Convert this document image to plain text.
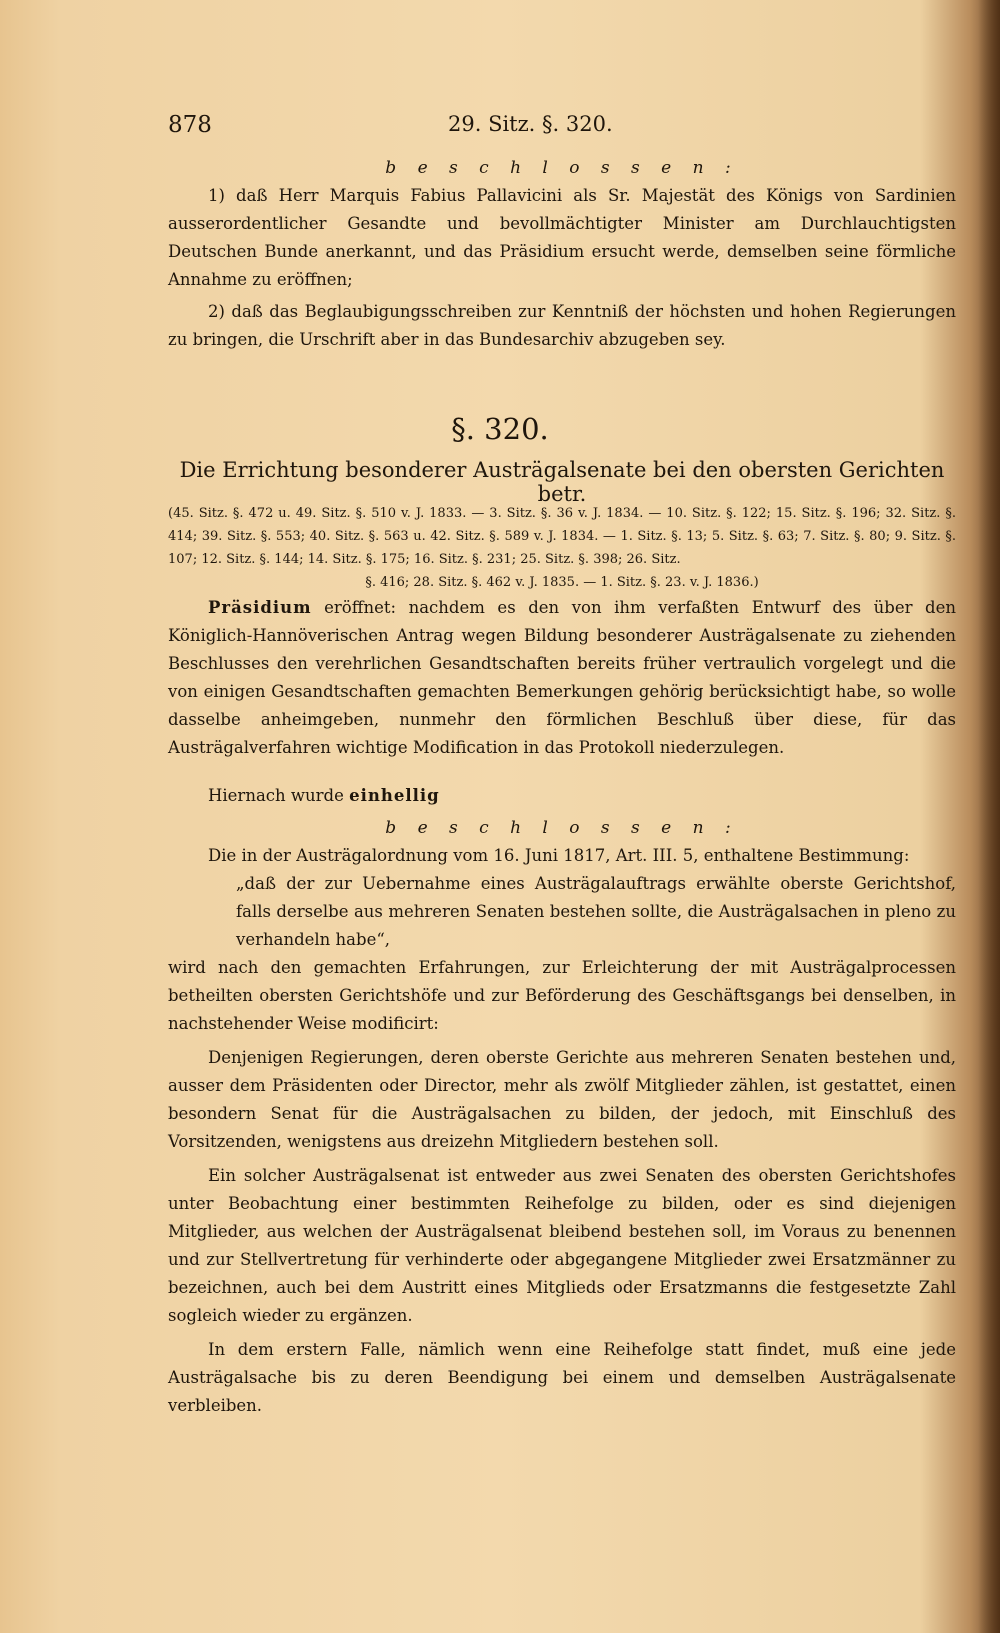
878	29. Sitz. §. 320.
b e s c h l o s s e n :

1) daß Herr Marquis Fabius Pallavicini als Sr. Majestät des Königs von Sardinien ausserordentlicher Gesandte und bevollmächtigter Minister am Durchlauchtigsten Deutschen Bunde anerkannt, und das Präsidium ersucht werde, demselben seine förmliche Annahme zu eröffnen;

2) daß das Beglaubigungsschreiben zur Kenntniß der höchsten und hohen Regierungen zu bringen, die Urschrift aber in das Bundesarchiv abzugeben sey.

§. 320.
Die Errichtung besonderer Austrägalsenate bei den obersten Gerichten betr.
(45. Sitz. §. 472 u. 49. Sitz. §. 510 v. J. 1833. — 3. Sitz. §. 36 v. J. 1834. — 10. Sitz. §. 122; 15. Sitz. §. 196; 32. Sitz. §. 414; 39. Sitz. §. 553; 40. Sitz. §. 563 u. 42. Sitz. §. 589 v. J. 1834. — 1. Sitz. §. 13; 5. Sitz. §. 63; 7. Sitz. §. 80; 9. Sitz. §. 107; 12. Sitz. §. 144; 14. Sitz. §. 175; 16. Sitz. §. 231; 25. Sitz. §. 398; 26. Sitz.
§. 416; 28. Sitz. §. 462 v. J. 1835. — 1. Sitz. §. 23. v. J. 1836.)

Präsidium eröffnet: nachdem es den von ihm verfaßten Entwurf des über den Königlich-Hannöverischen Antrag wegen Bildung besonderer Austrägalsenate zu ziehenden Beschlusses den verehrlichen Gesandtschaften bereits früher vertraulich vorgelegt und die von einigen Gesandtschaften gemachten Bemerkungen gehörig berücksichtigt habe, so wolle dasselbe anheimgeben, nunmehr den förmlichen Beschluß über diese, für das Austrägalverfahren wichtige Modification in das Protokoll niederzulegen.

Hiernach wurde einhellig

b e s c h l o s s e n :

Die in der Austrägalordnung vom 16. Juni 1817, Art. III. 5, enthaltene Bestimmung:

„daß der zur Uebernahme eines Austrägalauftrags erwählte oberste Gerichtshof, falls derselbe aus mehreren Senaten bestehen sollte, die Austrägalsachen in pleno zu verhandeln habe“,

wird nach den gemachten Erfahrungen, zur Erleichterung der mit Austrägalprocessen betheilten obersten Gerichtshöfe und zur Beförderung des Geschäftsgangs bei denselben, in nachstehender Weise modificirt:

Denjenigen Regierungen, deren oberste Gerichte aus mehreren Senaten bestehen und, ausser dem Präsidenten oder Director, mehr als zwölf Mitglieder zählen, ist gestattet, einen besondern Senat für die Austrägalsachen zu bilden, der jedoch, mit Einschluß des Vorsitzenden, wenigstens aus dreizehn Mitgliedern bestehen soll.

Ein solcher Austrägalsenat ist entweder aus zwei Senaten des obersten Gerichtshofes unter Beobachtung einer bestimmten Reihefolge zu bilden, oder es sind diejenigen Mitglieder, aus welchen der Austrägalsenat bleibend bestehen soll, im Voraus zu benennen und zur Stellvertretung für verhinderte oder abgegangene Mitglieder zwei Ersatzmänner zu bezeichnen, auch bei dem Austritt eines Mitglieds oder Ersatzmanns die festgesetzte Zahl sogleich wieder zu ergänzen.

In dem erstern Falle, nämlich wenn eine Reihefolge statt findet, muß eine jede Austrägalsache bis zu deren Beendigung bei einem und demselben Austrägalsenate verbleiben.
